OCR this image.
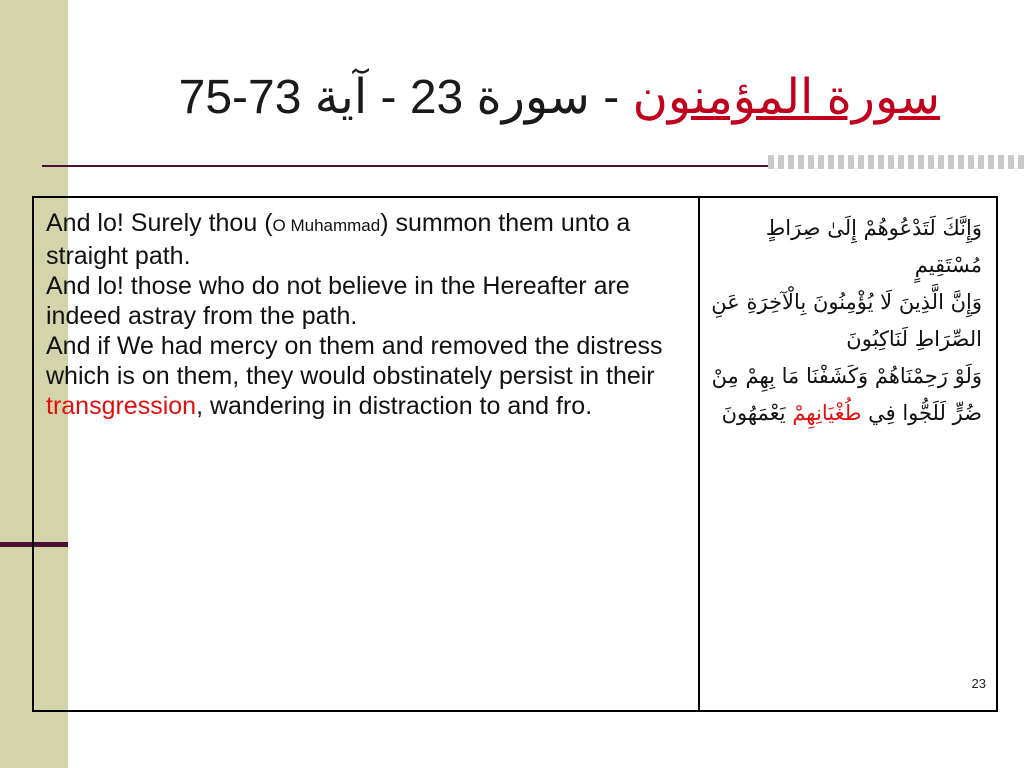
سورة المؤمنون - سورة 23 - آية 73-75

And lo! Surely thou (O Muhammad) summon them unto a straight path.

And lo! those who do not believe in the Hereafter are indeed astray from the path.

And if We had mercy on them and removed the distress which is on them, they would obstinately persist in their transgression, wandering in distraction to and fro.

وَإِنَّكَ لَتَدْعُوهُمْ إِلَىٰ صِرَاطٍ مُسْتَقِيمٍ

وَإِنَّ الَّذِينَ لَا يُؤْمِنُونَ بِالْآخِرَةِ عَنِ الصِّرَاطِ لَنَاكِبُونَ

وَلَوْ رَحِمْنَاهُمْ وَكَشَفْنَا مَا بِهِمْ مِنْ ضُرٍّ لَلَجُّوا فِي طُغْيَانِهِمْ يَعْمَهُونَ

23
